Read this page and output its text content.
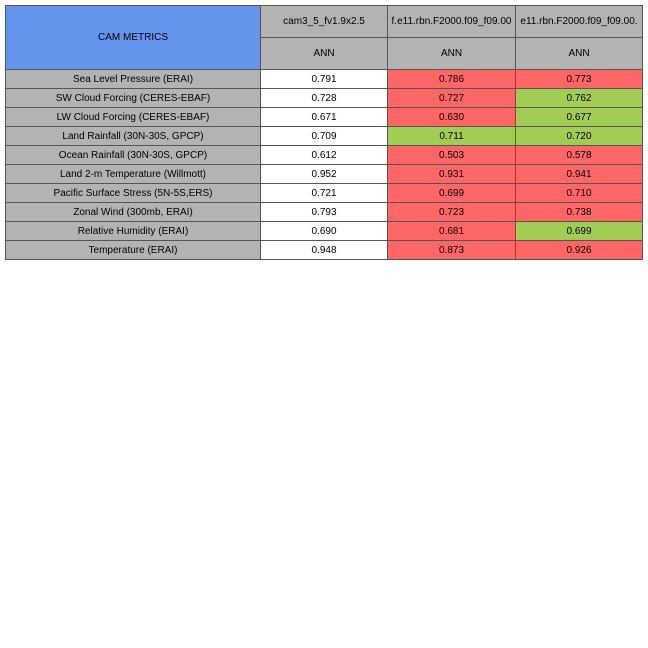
CAM METRICS	cam3_5_fv1.9x2.5	f.e11.rbn.F2000.f09_f09.00	.e11.rbn.F2000.f09_f09.00

	ANN	ANN	ANN
Sea Level Pressure (ERAI)	0.791	0.786	0.773
SW Cloud Forcing (CERES-EBAF)	0.728	0.727	0.762
LW Cloud Forcing (CERES-EBAF)	0.671	0.630	0.677
Land Rainfall (30N-30S, GPCP)	0.709	0.711	0.720
Ocean Rainfall (30N-30S, GPCP)	0.612	0.503	0.578
Land 2-m Temperature (Willmott)	0.952	0.931	0.941
Pacific Surface Stress (5N-5S,ERS)	0.721	0.699	0.710
Zonal Wind (300mb, ERAI)	0.793	0.723	0.738
Relative Humidity (ERAI)	0.690	0.681	0.699
Temperature (ERAI)	0.948	0.873	0.926
